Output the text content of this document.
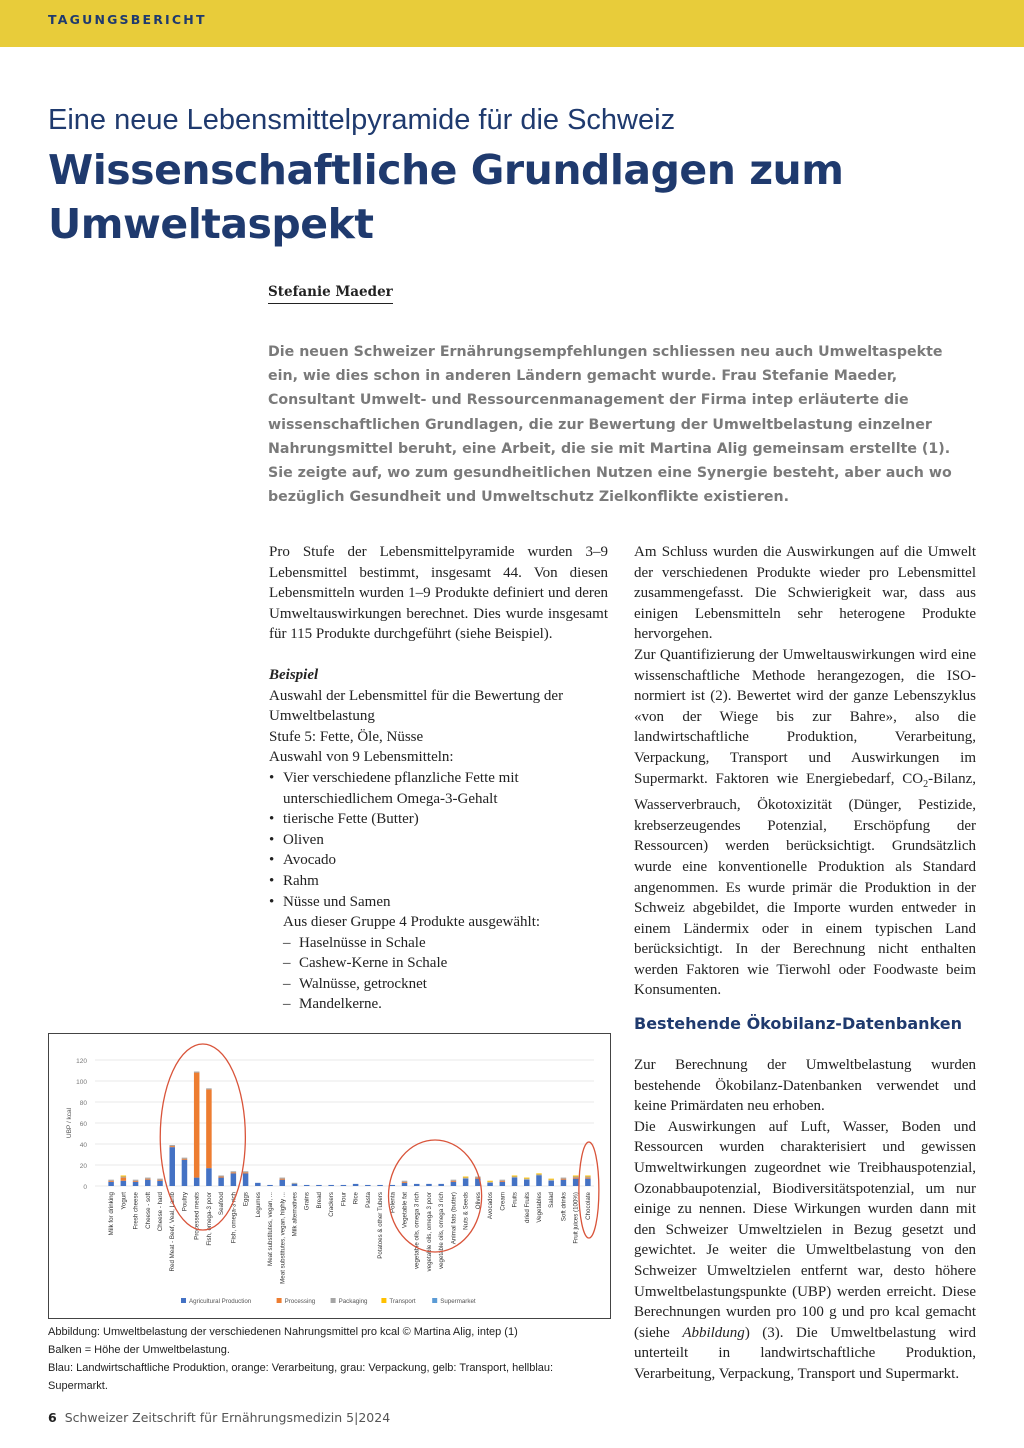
TAGUNGSBERICHT
Eine neue Lebensmittelpyramide für die Schweiz
Wissenschaftliche Grundlagen zum Umweltaspekt
Stefanie Maeder

Die neuen Schweizer Ernährungsempfehlungen schliessen neu auch Umweltaspekte ein, wie dies schon in anderen Ländern gemacht wurde. Frau Stefanie Maeder, Consultant Umwelt- und Ressourcenmanagement der Firma intep erläuterte die wissenschaftlichen Grundlagen, die zur Bewertung der Umweltbelastung einzelner Nahrungsmittel beruht, eine Arbeit, die sie mit Martina Alig gemeinsam erstellte (1). Sie zeigte auf, wo zum gesundheitlichen Nutzen eine Synergie besteht, aber auch wo bezüglich Gesundheit und Umweltschutz Zielkonflikte existieren.

Pro Stufe der Lebensmittelpyramide wurden 3–9 Lebensmittel bestimmt, insgesamt 44. Von diesen Lebensmitteln wurden 1–9 Produkte definiert und deren Umweltauswirkungen berechnet. Dies wurde insgesamt für 115 Produkte durchgeführt (siehe Beispiel).

Beispiel

Auswahl der Lebensmittel für die Bewertung der Umweltbelastung

Stufe 5: Fette, Öle, Nüsse

Auswahl von 9 Lebensmitteln:

• Vier verschiedene pflanzliche Fette mit unterschiedlichem Omega-3-Gehalt
• tierische Fette (Butter)
• Oliven
• Avocado
• Rahm
• Nüsse und Samen

Aus dieser Gruppe 4 Produkte ausgewählt:

– Haselnüsse in Schale
– Cashew-Kerne in Schale
– Walnüsse, getrocknet
– Mandelkerne.

Am Schluss wurden die Auswirkungen auf die Umwelt der verschiedenen Produkte wieder pro Lebensmittel zusammengefasst. Die Schwierigkeit war, dass aus einigen Lebensmitteln sehr heterogene Produkte hervorgehen.

Zur Quantifizierung der Umweltauswirkungen wird eine wissenschaftliche Methode herangezogen, die ISO-normiert ist (2). Bewertet wird der ganze Lebenszyklus «von der Wiege bis zur Bahre», also die landwirtschaftliche Produktion, Verarbeitung, Verpackung, Transport und Auswirkungen im Supermarkt. Faktoren wie Energiebedarf, $CO_2$-Bilanz, Wasserverbrauch, Ökotoxizität (Dünger, Pestizide, krebserzeugendes Potenzial, Erschöpfung der Ressourcen) werden berücksichtigt. Grundsätzlich wurde eine konventionelle Produktion als Standard angenommen. Es wurde primär die Produktion in der Schweiz abgebildet, die Importe wurden entweder in einem Ländermix oder in einem typischen Land berücksichtigt. In der Berechnung nicht enthalten werden Faktoren wie Tierwohl oder Foodwaste beim Konsumenten.

Bestehende Ökobilanz-Datenbanken

Zur Berechnung der Umweltbelastung wurden bestehende Ökobilanz-Datenbanken verwendet und keine Primärdaten neu erhoben.

Die Auswirkungen auf Luft, Wasser, Boden und Ressourcen wurden charakterisiert und gewissen Umweltwirkungen zugeordnet wie Treibhauspotenzial, Ozonabbaupotenzial, Biodiversitätspotenzial, um nur einige zu nennen. Diese Wirkungen wurden dann mit den Schweizer Umweltzielen in Bezug gesetzt und gewichtet. Je weiter die Umweltbelastung von den Schweizer Umweltzielen entfernt war, desto höhere Umweltbelastungspunkte (UBP) werden erreicht. Diese Berechnungen wurden pro 100 g und pro kcal gemacht (siehe Abbildung) (3). Die Umweltbelastung wird unterteilt in landwirtschaftliche Produktion, Verarbeitung, Verpackung, Transport und Supermarkt.

0
20
40
60
80
100
120
UBP / kcal
Milk for drinking Yogurt Fresh cheese Cheese - soft Cheese - hard Red Meat - Beef, Veal, Lamb Poultry Processed meats Fish, omega-3 poor Seafood Fish, omega-3 rich Eggs Legumes Meat substitutes, vegan, ... Meat substitutes, vegan, highly ... Milk alternatives Grains Bread Crackers Flour Rice Pasta Potatoes & other Tubers Polenta Vegetable fat vegetable oils, omega 3 rich vegetable oils, omega 3 poor vegetable oils, omega 3 rich Animal fats (butter) Nuts & Seeds Olives Avocados Cream Fruits dried Fruits Vegetables Salad Soft drinks Fruit juices (100%) Chocolate
Agricultural Production	Processing	Packaging	Transport	Supermarket

Abbildung: Umweltbelastung der verschiedenen Nahrungsmittel pro kcal © Martina Alig, intep (1)

Balken = Höhe der Umweltbelastung.

Blau: Landwirtschaftliche Produktion, orange: Verarbeitung, grau: Verpackung, gelb: Transport, hellblau: Supermarkt.

6 Schweizer Zeitschrift für Ernährungsmedizin 5|2024
